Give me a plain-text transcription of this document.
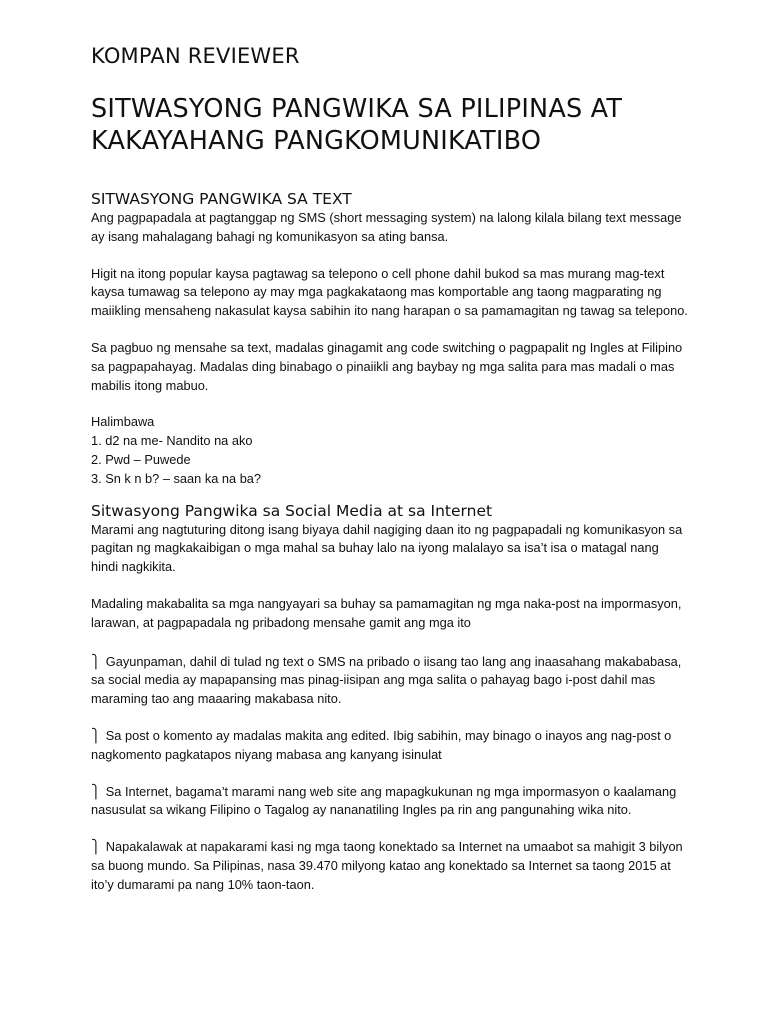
KOMPAN REVIEWER
SITWASYONG PANGWIKA SA PILIPINAS AT KAKAYAHANG PANGKOMUNIKATIBO
SITWASYONG PANGWIKA SA TEXT

Ang pagpapadala at pagtanggap ng SMS (short messaging system) na lalong kilala bilang text message ay isang mahalagang bahagi ng komunikasyon sa ating bansa.

Higit na itong popular kaysa pagtawag sa telepono o cell phone dahil bukod sa mas murang mag-text kaysa tumawag sa telepono ay may mga pagkakataong mas komportable ang taong magparating ng maiikling mensaheng nakasulat kaysa sabihin ito nang harapan o sa pamamagitan ng tawag sa telepono.

Sa pagbuo ng mensahe sa text, madalas ginagamit ang code switching o pagpapalit ng Ingles at Filipino sa pagpapahayag. Madalas ding binabago o pinaiikli ang baybay ng mga salita para mas madali o mas mabilis itong mabuo.

Halimbawa

1. d2 na me- Nandito na ako
2. Pwd – Puwede
3. Sn k n b? – saan ka na ba?
Sitwasyong Pangwika sa Social Media at sa Internet

Marami ang nagtuturing ditong isang biyaya dahil nagiging daan ito ng pagpapadali ng komunikasyon sa pagitan ng magkakaibigan o mga mahal sa buhay lalo na iyong malalayo sa isa’t isa o matagal nang hindi nagkikita.

Madaling makabalita sa mga nangyayari sa buhay sa pamamagitan ng mga naka-post na impormasyon, larawan, at pagpapadala ng pribadong mensahe gamit ang mga ito

⎫ Gayunpaman, dahil di tulad ng text o SMS na pribado o iisang tao lang ang inaasahang makababasa, sa social media ay mapapansing mas pinag-iisipan ang mga salita o pahayag bago i-post dahil mas maraming tao ang maaaring makabasa nito.

⎫ Sa post o komento ay madalas makita ang edited. Ibig sabihin, may binago o inayos ang nag-post o nagkomento pagkatapos niyang mabasa ang kanyang isinulat

⎫ Sa Internet, bagama’t marami nang web site ang mapagkukunan ng mga impormasyon o kaalamang nasusulat sa wikang Filipino o Tagalog ay nananatiling Ingles pa rin ang pangunahing wika nito.

⎫ Napakalawak at napakarami kasi ng mga taong konektado sa Internet na umaabot sa mahigit 3 bilyon sa buong mundo. Sa Pilipinas, nasa 39.470 milyong katao ang konektado sa Internet sa taong 2015 at ito’y dumarami pa nang 10% taon-taon.
